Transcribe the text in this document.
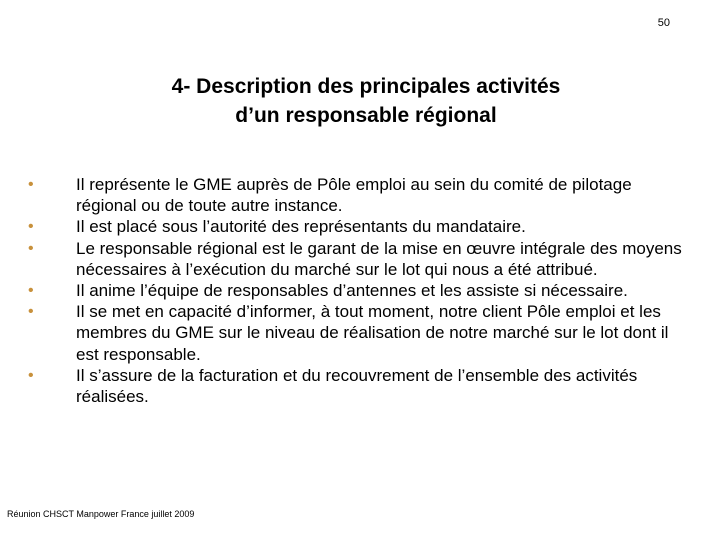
50
4- Description des principales activités
d’un responsable régional
• Il représente le GME auprès de Pôle emploi au sein du comité de pilotage régional ou de toute autre instance.
• Il est placé sous l’autorité des représentants du mandataire.
• Le responsable régional est le garant de la mise en œuvre intégrale des moyens nécessaires à l’exécution du marché sur le lot qui nous a été attribué.
• Il anime l’équipe de responsables d’antennes et les assiste si nécessaire.
• Il se met en capacité d’informer, à tout moment, notre client Pôle emploi et les membres du GME sur le niveau de réalisation de notre marché sur le lot dont il est responsable.
• Il s’assure de la facturation et du recouvrement de l’ensemble des activités réalisées.
Réunion CHSCT Manpower France juillet 2009
